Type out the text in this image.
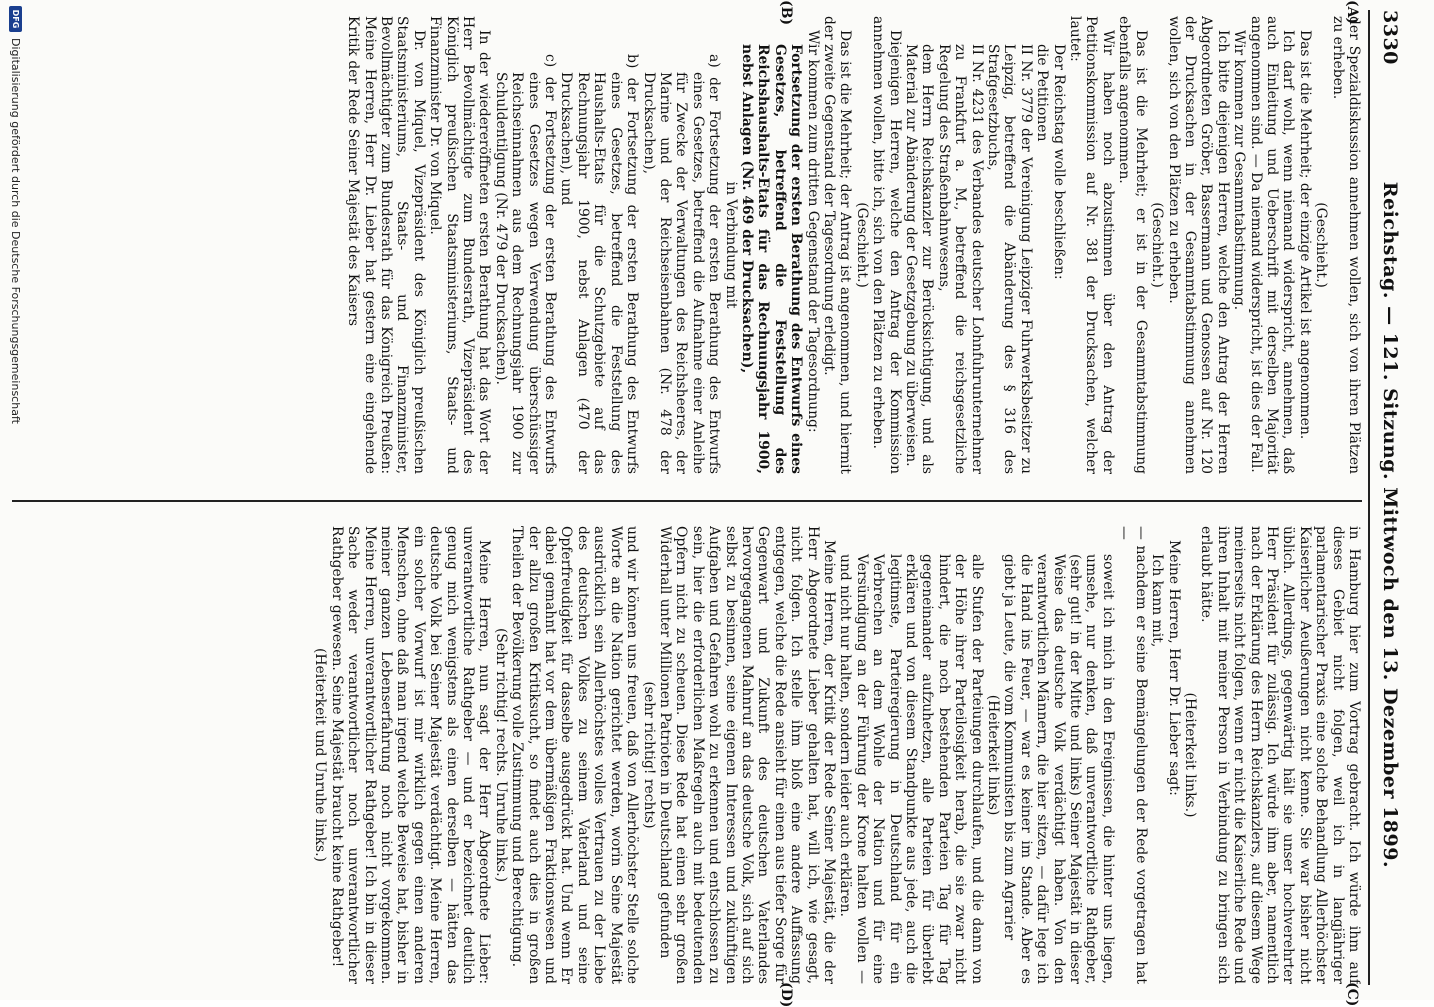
3330
Reichstag. — 121. Sitzung. Mittwoch den 13. Dezember 1899.
(A)
(B)
(C)
(D)

der Spezialdiskussion annehmen wollen, sich von ihren Plätzen zu erheben.

(Geschieht.)

Das ist die Mehrheit; der einzige Artikel ist angenommen.

Ich darf wohl, wenn niemand widerspricht, annehmen, daß auch Einleitung und Ueberschrift mit derselben Majorität angenommen sind. — Da niemand widerspricht, ist dies der Fall.

Wir kommen zur Gesammtabstimmung.

Ich bitte diejenigen Herren, welche den Antrag der Herren Abgeordneten Gröber, Bassermann und Genossen auf Nr. 120 der Drucksachen in der Gesammtabstimmung annehmen wollen, sich von den Plätzen zu erheben.

(Geschieht.)

Das ist die Mehrheit; er ist in der Gesammtabstimmung ebenfalls angenommen.

Wir haben noch abzustimmen über den Antrag der Petitionskommission auf Nr. 381 der Drucksachen, welcher lautet:

Der Reichstag wolle beschließen:

die Petitionen

II Nr. 3779 der Vereinigung Leipziger Fuhrwerksbesitzer zu Leipzig, betreffend die Abänderung des § 316 des Strafgesetzbuchs,

II Nr. 4231 des Verbandes deutscher Lohnfuhrunternehmer zu Frankfurt a. M., betreffend die reichsgesetzliche Regelung des Straßenbahnwesens,

dem Herrn Reichskanzler zur Berücksichtigung, und als Material zur Abänderung der Gesetzgebung zu überweisen.

Diejenigen Herren, welche den Antrag der Kommission annehmen wollen, bitte ich, sich von den Plätzen zu erheben.

(Geschieht.)

Das ist die Mehrheit; der Antrag ist angenommen, und hiermit der zweite Gegenstand der Tagesordnung erledigt.

Wir kommen zum dritten Gegenstand der Tagesordnung:

Fortsetzung der ersten Berathung des Entwurfs eines Gesetzes, betreffend die Feststellung des Reichshaushalts-Etats für das Rechnungsjahr 1900, nebst Anlagen (Nr. 469 der Drucksachen),

in Verbindung mit

a) der Fortsetzung der ersten Berathung des Entwurfs eines Gesetzes, betreffend die Aufnahme einer Anleihe für Zwecke der Verwaltungen des Reichsheeres, der Marine und der Reichseisenbahnen (Nr. 478 der Drucksachen),

b) der Fortsetzung der ersten Berathung des Entwurfs eines Gesetzes, betreffend die Feststellung des Haushalts-Etats für die Schutzgebiete auf das Rechnungsjahr 1900, nebst Anlagen (470 der Drucksachen), und

c) der Fortsetzung der ersten Berathung des Entwurfs eines Gesetzes wegen Verwendung überschüssiger Reichseinnahmen aus dem Rechnungsjahr 1900 zur Schuldentilgung (Nr. 479 der Drucksachen).

In der wiedereröffneten ersten Berathung hat das Wort der Herr Bevollmächtigte zum Bundesrath, Vizepräsident des Königlich preußischen Staatsministeriums, Staats- und Finanzminister Dr. von Miquel.

Dr. von Miquel, Vizepräsident des Königlich preußischen Staatsministeriums, Staats- und Finanzminister, Bevollmächtigter zum Bundesrath für das Königreich Preußen: Meine Herren, Herr Dr. Lieber hat gestern eine eingehende Kritik der Rede Seiner Majestät des Kaisers

in Hamburg hier zum Vortrag gebracht. Ich würde ihm auf dieses Gebiet nicht folgen, weil ich in langjähriger parlamentarischer Praxis eine solche Behandlung Allerhöchster Kaiserlicher Aeußerungen nicht kenne. Sie war bisher nicht üblich. Allerdings, gegenwärtig hält sie unser hochverehrter Herr Präsident für zulässig. Ich würde ihm aber, namentlich nach der Erklärung des Herrn Reichskanzlers, auf diesem Wege meinerseits nicht folgen, wenn er nicht die Kaiserliche Rede und ihren Inhalt mit meiner Person in Verbindung zu bringen sich erlaubt hätte.

(Heiterkeit links.)

Meine Herren, Herr Dr. Lieber sagt:

Ich kann mit,

— nachdem er seine Bemängelungen der Rede vorgetragen hat —

soweit ich mich in den Ereignissen, die hinter uns liegen, umsehe, nur denken, daß unverantwortliche Rathgeber, (sehr gut! in der Mitte und links) Seiner Majestät in dieser Weise das deutsche Volk verdächtigt haben. Von den verantwortlichen Männern, die hier sitzen, — dafür lege ich die Hand ins Feuer, — war es keiner im Stande. Aber es giebt ja Leute, die vom Kommunisten bis zum Agrarier

(Heiterkeit links)

alle Stufen der Parteiungen durchlaufen, und die dann von der Höhe ihrer Parteilosigkeit herab, die sie zwar nicht hindert, die noch bestehenden Parteien Tag für Tag gegeneinander aufzuhetzen, alle Parteien für überlebt erklären und von diesem Standpunkte aus jede, auch die legitimste, Parteiregierung in Deutschland für ein Verbrechen an dem Wohle der Nation und für eine Versündigung an der Führung der Krone halten wollen — und nicht nur halten, sondern leider auch erklären.

Meine Herren, der Kritik der Rede Seiner Majestät, die der Herr Abgeordnete Lieber gehalten hat, will ich, wie gesagt, nicht folgen. Ich stelle ihm bloß eine andere Auffassung entgegen, welche die Rede ansieht für einen aus tiefer Sorge für Gegenwart und Zukunft des deutschen Vaterlandes hervorgegangenen Mahnruf an das deutsche Volk, sich auf sich selbst zu besinnen, seine eigenen Interessen und zukünftigen Aufgaben und Gefahren wohl zu erkennen und entschlossen zu sein, hier die erforderlichen Maßregeln auch mit bedeutenden Opfern nicht zu scheuen. Diese Rede hat einen sehr großen Widerhall unter Millionen Patrioten in Deutschland gefunden

(sehr richtig! rechts)

und wir können uns freuen, daß von Allerhöchster Stelle solche Worte an die Nation gerichtet werden, worin Seine Majestät ausdrücklich sein Allerhöchstes volles Vertrauen zu der Liebe des deutschen Volkes zu seinem Vaterland und seine Opferfreudigkeit für dasselbe ausgedrückt hat. Und wenn Er dabei gemahnt hat vor dem übermäßigen Fraktionswesen und der allzu großen Kritiksucht, so findet auch dies in großen Theilen der Bevölkerung volle Zustimmung und Berechtigung.

(Sehr richtig! rechts. Unruhe links.)

Meine Herren, nun sagt der Herr Abgeordnete Lieber: unverantwortliche Rathgeber — und er bezeichnet deutlich genug mich wenigstens als einen derselben — hätten das deutsche Volk bei Seiner Majestät verdächtigt. Meine Herren, ein solcher Vorwurf ist mir wirklich gegen einen anderen Menschen, ohne daß man irgend welche Beweise hat, bisher in meiner ganzen Lebenserfahrung noch nicht vorgekommen. Meine Herren, unverantwortlicher Rathgeber! Ich bin in dieser Sache weder verantwortlicher noch unverantwortlicher Rathgeber gewesen. Seine Majestät braucht keine Rathgeber!

(Heiterkeit und Unruhe links.)

DFG
Digitalisierung gefördert durch die Deutsche Forschungsgemeinschaft
